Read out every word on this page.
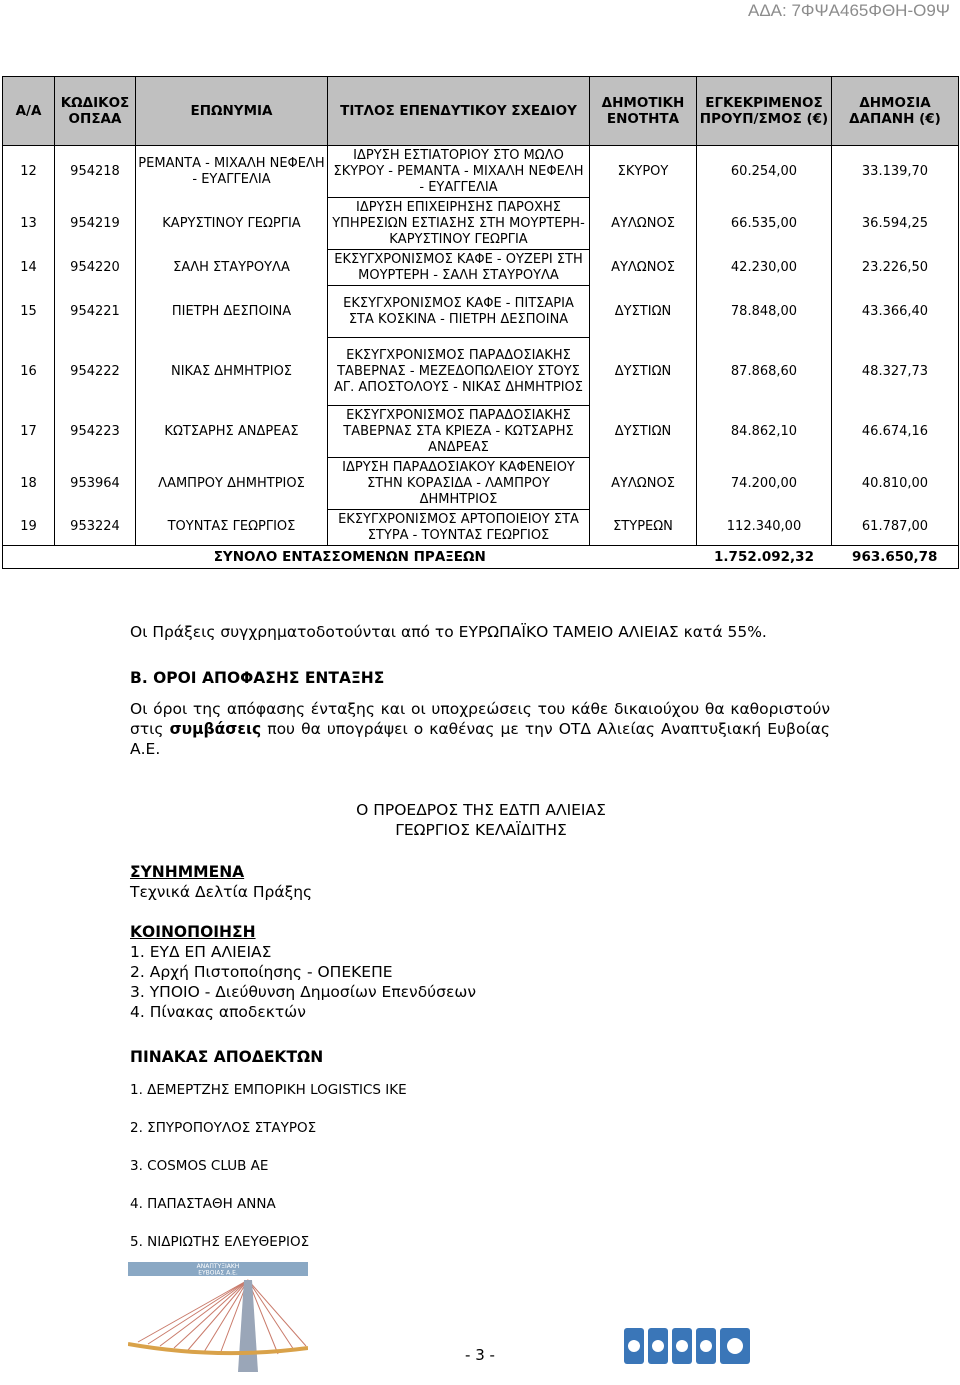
ΑΔΑ: 7ΦΨΑ465ΦΘΗ-Ο9Ψ
Α/Α	ΚΩΔΙΚΟΣ ΟΠΣΑΑ	ΕΠΩΝΥΜΙΑ	ΤΙΤΛΟΣ ΕΠΕΝΔΥΤΙΚΟΥ ΣΧΕΔΙΟΥ	ΔΗΜΟΤΙΚΗ ΕΝΟΤΗΤΑ	ΕΓΚΕΚΡΙΜΕΝΟΣ ΠΡΟΥΠ/ΣΜΟΣ (€)	ΔΗΜΟΣΙΑ ΔΑΠΑΝΗ (€)
12	954218	ΡΕΜΑΝΤΑ - ΜΙΧΑΛΗ ΝΕΦΕΛΗ - ΕΥΑΓΓΕΛΙΑ	ΙΔΡΥΣΗ ΕΣΤΙΑΤΟΡΙΟΥ ΣΤΟ ΜΩΛΟ ΣΚΥΡΟΥ - ΡΕΜΑΝΤΑ - ΜΙΧΑΛΗ ΝΕΦΕΛΗ - ΕΥΑΓΓΕΛΙΑ	ΣΚΥΡΟΥ	60.254,00	33.139,70
13	954219	ΚΑΡΥΣΤΙΝΟΥ ΓΕΩΡΓΙΑ	ΙΔΡΥΣΗ ΕΠΙΧΕΙΡΗΣΗΣ ΠΑΡΟΧΗΣ ΥΠΗΡΕΣΙΩΝ ΕΣΤΙΑΣΗΣ ΣΤΗ ΜΟΥΡΤΕΡΗ- ΚΑΡΥΣΤΙΝΟΥ ΓΕΩΡΓΙΑ	ΑΥΛΩΝΟΣ	66.535,00	36.594,25
14	954220	ΣΑΛΗ ΣΤΑΥΡΟΥΛΑ	ΕΚΣΥΓΧΡΟΝΙΣΜΟΣ ΚΑΦΕ - ΟΥΖΕΡΙ ΣΤΗ ΜΟΥΡΤΕΡΗ - ΣΑΛΗ ΣΤΑΥΡΟΥΛΑ	ΑΥΛΩΝΟΣ	42.230,00	23.226,50
15	954221	ΠΙΕΤΡΗ ΔΕΣΠΟΙΝΑ	ΕΚΣΥΓΧΡΟΝΙΣΜΟΣ ΚΑΦΕ - ΠΙΤΣΑΡΙΑ ΣΤΑ ΚΟΣΚΙΝΑ - ΠΙΕΤΡΗ ΔΕΣΠΟΙΝΑ	ΔΥΣΤΙΩΝ	78.848,00	43.366,40
16	954222	ΝΙΚΑΣ ΔΗΜΗΤΡΙΟΣ	ΕΚΣΥΓΧΡΟΝΙΣΜΟΣ ΠΑΡΑΔΟΣΙΑΚΗΣ ΤΑΒΕΡΝΑΣ - ΜΕΖΕΔΟΠΩΛΕΙΟΥ ΣΤΟΥΣ ΑΓ. ΑΠΟΣΤΟΛΟΥΣ - ΝΙΚΑΣ ΔΗΜΗΤΡΙΟΣ	ΔΥΣΤΙΩΝ	87.868,60	48.327,73
17	954223	ΚΩΤΣΑΡΗΣ ΑΝΔΡΕΑΣ	ΕΚΣΥΓΧΡΟΝΙΣΜΟΣ ΠΑΡΑΔΟΣΙΑΚΗΣ ΤΑΒΕΡΝΑΣ ΣΤΑ ΚΡΙΕΖΑ - ΚΩΤΣΑΡΗΣ ΑΝΔΡΕΑΣ	ΔΥΣΤΙΩΝ	84.862,10	46.674,16
18	953964	ΛΑΜΠΡΟΥ ΔΗΜΗΤΡΙΟΣ	ΙΔΡΥΣΗ ΠΑΡΑΔΟΣΙΑΚΟΥ ΚΑΦΕΝΕΙΟΥ ΣΤΗΝ ΚΟΡΑΣΙΔΑ - ΛΑΜΠΡΟΥ ΔΗΜΗΤΡΙΟΣ	ΑΥΛΩΝΟΣ	74.200,00	40.810,00
19	953224	ΤΟΥΝΤΑΣ ΓΕΩΡΓΙΟΣ	ΕΚΣΥΓΧΡΟΝΙΣΜΟΣ ΑΡΤΟΠΟΙΕΙΟΥ ΣΤΑ ΣΤΥΡΑ - ΤΟΥΝΤΑΣ ΓΕΩΡΓΙΟΣ	ΣΤΥΡΕΩΝ	112.340,00	61.787,00
ΣΥΝΟΛΟ ΕΝΤΑΣΣΟΜΕΝΩΝ ΠΡΑΞΕΩΝ					1.752.092,32	963.650,78
Οι Πράξεις συγχρηματοδοτούνται από το ΕΥΡΩΠΑΪΚΟ ΤΑΜΕΙΟ ΑΛΙΕΙΑΣ κατά 55%.
Β. ΟΡΟΙ ΑΠΟΦΑΣΗΣ ΕΝΤΑΞΗΣ
Οι όροι της απόφασης ένταξης και οι υποχρεώσεις του κάθε δικαιούχου θα καθοριστούν στις συμβάσεις που θα υπογράψει ο καθένας με την ΟΤΔ Αλιείας Αναπτυξιακή Ευβοίας Α.Ε.
Ο ΠΡΟΕΔΡΟΣ ΤΗΣ ΕΔΤΠ ΑΛΙΕΙΑΣ
ΓΕΩΡΓΙΟΣ ΚΕΛΑΪΔΙΤΗΣ
ΣΥΝΗΜΜΕΝΑ
Τεχνικά Δελτία Πράξης
ΚΟΙΝΟΠΟΙΗΣΗ
1. ΕΥΔ ΕΠ ΑΛΙΕΙΑΣ
2. Αρχή Πιστοποίησης - ΟΠΕΚΕΠΕ
3. ΥΠΟΙΟ - Διεύθυνση Δημοσίων Επενδύσεων
4. Πίνακας αποδεκτών
ΠΙΝΑΚΑΣ ΑΠΟΔΕΚΤΩΝ
1. ΔΕΜΕΡΤΖΗΣ ΕΜΠΟΡΙΚΗ LOGISTICS ΙΚΕ
2. ΣΠΥΡΟΠΟΥΛΟΣ ΣΤΑΥΡΟΣ
3. COSMOS CLUB AE
4. ΠΑΠΑΣΤΑΘΗ ΑΝΝΑ
5. ΝΙΔΡΙΩΤΗΣ ΕΛΕΥΘΕΡΙΟΣ
ΑΝΑΠΤΥΞΙΑΚΗ
ΕΥΒΟΙΑΣ Α.Ε.
- 3 -
